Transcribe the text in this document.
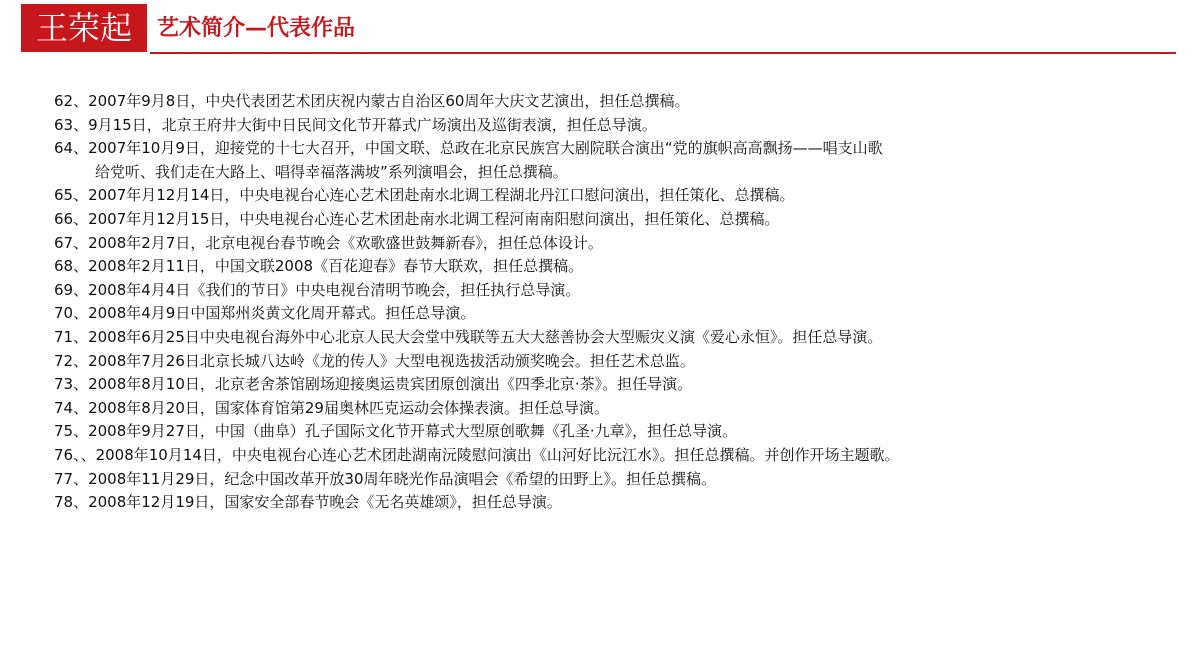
王荣起	艺术简介—代表作品
62、2007年9月8日，中央代表团艺术团庆祝内蒙古自治区60周年大庆文艺演出，担任总撰稿。
63、9月15日，北京王府井大街中日民间文化节开幕式广场演出及巡街表演，担任总导演。
64、2007年10月9日，迎接党的十七大召开，中国文联、总政在北京民族宫大剧院联合演出“党的旗帜高高飘扬——唱支山歌
给党听、我们走在大路上、唱得幸福落满坡”系列演唱会，担任总撰稿。
65、2007年月12月14日，中央电视台心连心艺术团赴南水北调工程湖北丹江口慰问演出，担任策化、总撰稿。
66、2007年月12月15日，中央电视台心连心艺术团赴南水北调工程河南南阳慰问演出，担任策化、总撰稿。
67、2008年2月7日，北京电视台春节晚会《欢歌盛世鼓舞新春》，担任总体设计。
68、2008年2月11日，中国文联2008《百花迎春》春节大联欢，担任总撰稿。
69、2008年4月4日《我们的节日》中央电视台清明节晚会，担任执行总导演。
70、2008年4月9日中国郑州炎黄文化周开幕式。担任总导演。
71、2008年6月25日中央电视台海外中心北京人民大会堂中残联等五大大慈善协会大型赈灾义演《爱心永恒》。担任总导演。
72、2008年7月26日北京长城八达岭《龙的传人》大型电视选拔活动颁奖晚会。担任艺术总监。
73、2008年8月10日，北京老舍茶馆剧场迎接奥运贵宾团原创演出《四季北京·茶》。担任导演。
74、2008年8月20日，国家体育馆第29届奥林匹克运动会体操表演。担任总导演。
75、2008年9月27日，中国（曲阜）孔子国际文化节开幕式大型原创歌舞《孔圣·九章》，担任总导演。
76、、2008年10月14日，中央电视台心连心艺术团赴湖南沅陵慰问演出《山河好比沅江水》。担任总撰稿。并创作开场主题歌。
77、2008年11月29日，纪念中国改革开放30周年晓光作品演唱会《希望的田野上》。担任总撰稿。
78、2008年12月19日，国家安全部春节晚会《无名英雄颂》，担任总导演。
